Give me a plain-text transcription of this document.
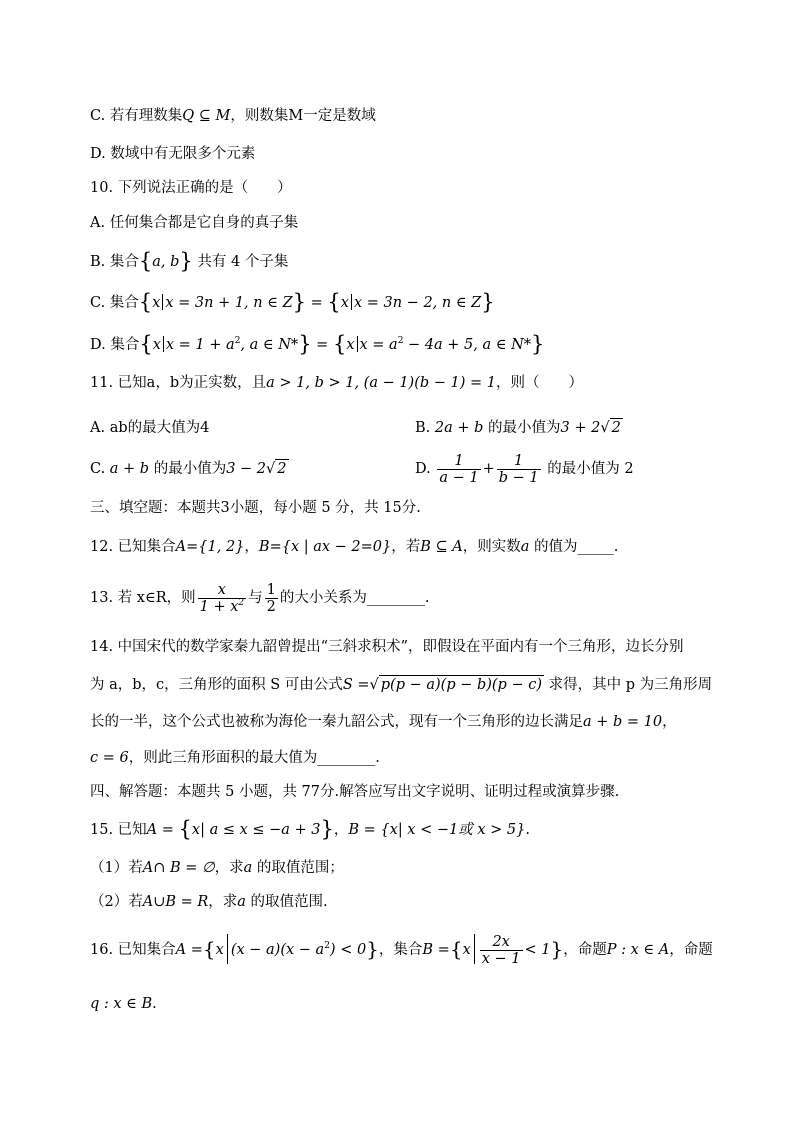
C. 若有理数集Q ⊆ M，则数集M一定是数域
D. 数域中有无限多个元素
10. 下列说法正确的是（　　）
A. 任何集合都是它自身的真子集
B. 集合{a, b} 共有 4 个子集
C. 集合{x x = 3n + 1, n ∈ Z} = {x x = 3n − 2, n ∈ Z}
D. 集合{x $x = 1 + a^2$, a ∈ N*} = {x $x = a^2 - 4a + 5$, a ∈ N*}
11. 已知a，b为正实数，且a > 1, b > 1, (a − 1)(b − 1) = 1，则（　　）
A. ab的最大值为4	B. 2a + b 的最小值为3 + 2√ 2
C. a + b 的最小值为3 − 2√ 2	D. $\frac{1}{a - 1} + \frac{1}{b - 1}$ 的最小值为 2
三、填空题：本题共3小题，每小题 5 分，共 15分.
12. 已知集合A={1, 2}，B={x | ax − 2=0}，若B ⊆ A，则实数a 的值为_____.
13. 若 x∈R，则 $\frac{x}{1 + x^2}$ 与 $\frac{1}{2}$ 的大小关系为________.
14. 中国宋代的数学家秦九韶曾提出“三斜求积术”，即假设在平面内有一个三角形，边长分别
为 a，b，c，三角形的面积 S 可由公式S =√ p(p − a)(p − b)(p − c) 求得，其中 p 为三角形周
长的一半，这个公式也被称为海伦一秦九韶公式，现有一个三角形的边长满足a + b = 10，
c = 6，则此三角形面积的最大值为________.
四、解答题：本题共 5 小题，共 77分.解答应写出文字说明、证明过程或演算步骤.
15. 已知A = {x| a ≤ x ≤ −a + 3}，B = {x| x < −1或 x > 5}.
（1）若A∩ B = ∅，求a 的取值范围；
（2）若A∪B = R，求a 的取值范围.
16. 已知集合A ={x $(x - a)(x - a^2) < 0$}，集合$B =\{x \frac{2x}{x - 1} < 1\}$，命题P : x ∈ A，命题
q : x ∈ B.
